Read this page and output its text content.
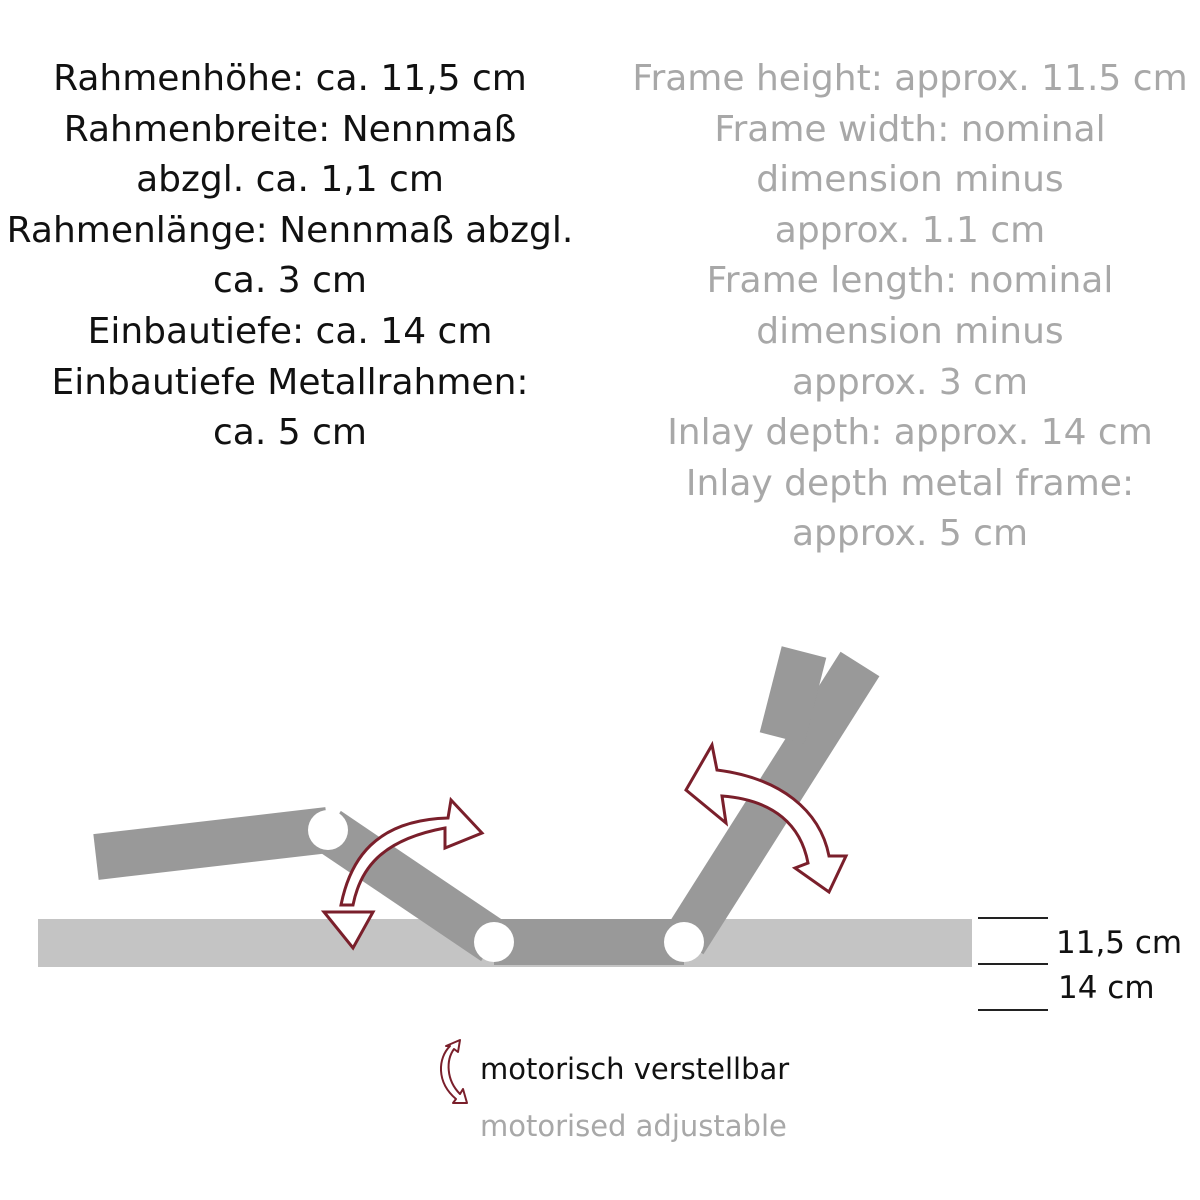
Rahmenhöhe: ca. 11,5 cm
Rahmenbreite: Nennmaß
abzgl. ca. 1,1 cm
Rahmenlänge: Nennmaß abzgl.
ca. 3 cm
Einbautiefe: ca. 14 cm
Einbautiefe Metallrahmen:
ca. 5 cm
Frame height: approx. 11.5 cm
Frame width: nominal
dimension minus
approx. 1.1 cm
Frame length: nominal
dimension minus
approx. 3 cm
Inlay depth: approx. 14 cm
Inlay depth metal frame:
approx. 5 cm
11,5 cm
14 cm
motorisch verstellbar
motorised adjustable
